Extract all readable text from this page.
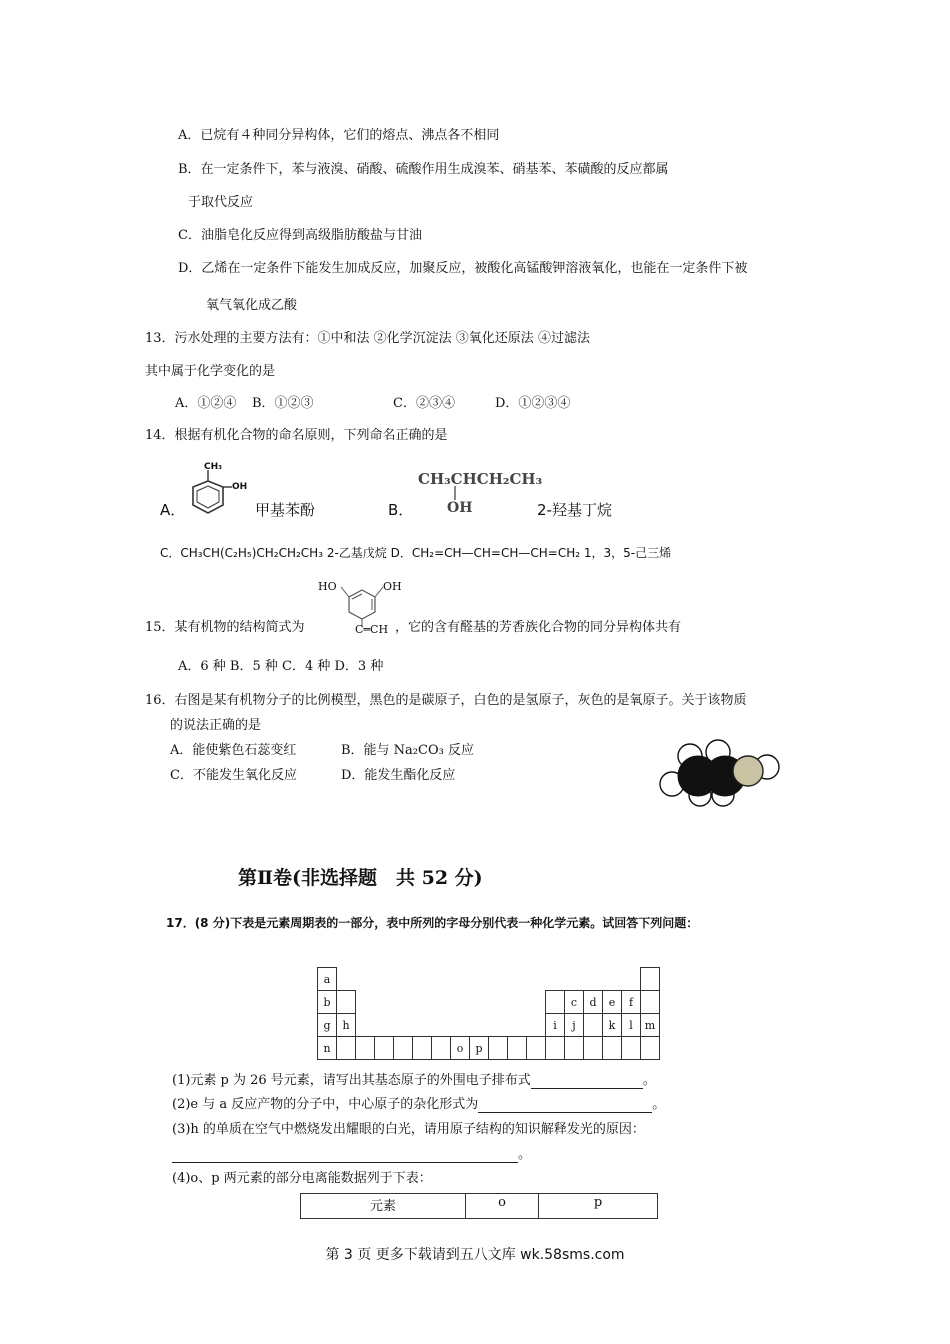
A．已烷有４种同分异构体，它们的熔点、沸点各不相同
B．在一定条件下，苯与液溴、硝酸、硫酸作用生成溴苯、硝基苯、苯磺酸的反应都属
于取代反应
C．油脂皂化反应得到高级脂肪酸盐与甘油
D．乙烯在一定条件下能发生加成反应，加聚反应，被酸化高锰酸钾溶液氧化，也能在一定条件下被
氧气氧化成乙酸
13．污水处理的主要方法有：①中和法 ②化学沉淀法 ③氧化还原法 ④过滤法
其中属于化学变化的是
A．①②④ B．①②③	C．②③④	D．①②③④
14．根据有机化合物的命名原则，下列命名正确的是
A．
CH₃
OH
甲基苯酚	B．
CH₃CHCH₂CH₃
OH	2-羟基丁烷
C．CH₃CH(C₂H₅)CH₂CH₂CH₃ 2-乙基戊烷 D．CH₂=CH—CH=CH—CH=CH₂ 1，3，5-己三烯
HO	OH
C═CH
15．某有机物的结构简式为	，它的含有醛基的芳香族化合物的同分异构体共有
A．6 种 B．5 种 C．4 种 D．3 种
16．右图是某有机物分子的比例模型，黑色的是碳原子，白色的是氢原子，灰色的是氧原子。关于该物质
的说法正确的是
A．能使紫色石蕊变红	B．能与 Na₂CO₃ 反应
C．不能发生氧化反应	D．能发生酯化反应
第Ⅱ卷(非选择题　共 52 分)
17．(8 分)下表是元素周期表的一部分，表中所列的字母分别代表一种化学元素。试回答下列问题：
a																	
b													c	d	e	f	
g	h											i	j		k	l	m
n							o	p									
(1)元素 p 为 26 号元素，请写出其基态原子的外围电子排布式	。
(2)e 与 a 反应产物的分子中，中心原子的杂化形式为	。
(3)h 的单质在空气中燃烧发出耀眼的白光，请用原子结构的知识解释发光的原因：
。
(4)o、p 两元素的部分电离能数据列于下表：
元素	o	p
第 3 页 更多下载请到五八文库 wk.58sms.com
